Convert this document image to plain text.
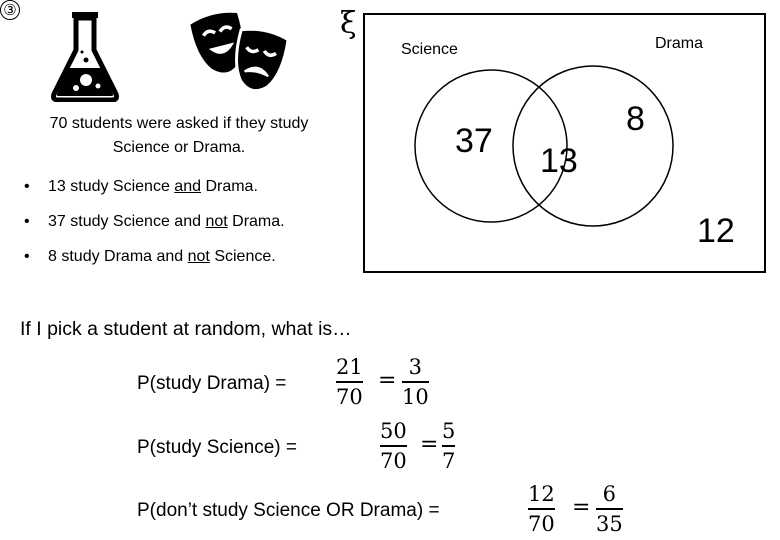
③
70 students were asked if they study Science or Drama.
• 13 study Science and Drama.
• 37 study Science and not Drama.
• 8 study Drama and not Science.
ξ
Science	Drama
37
13
8
12
If I pick a student at random, what is…
P(study Drama) =
21
70
=
3
10
P(study Science) =
50
70
=
5
7
P(don’t study Science OR Drama) =
12
70
=
6
35
